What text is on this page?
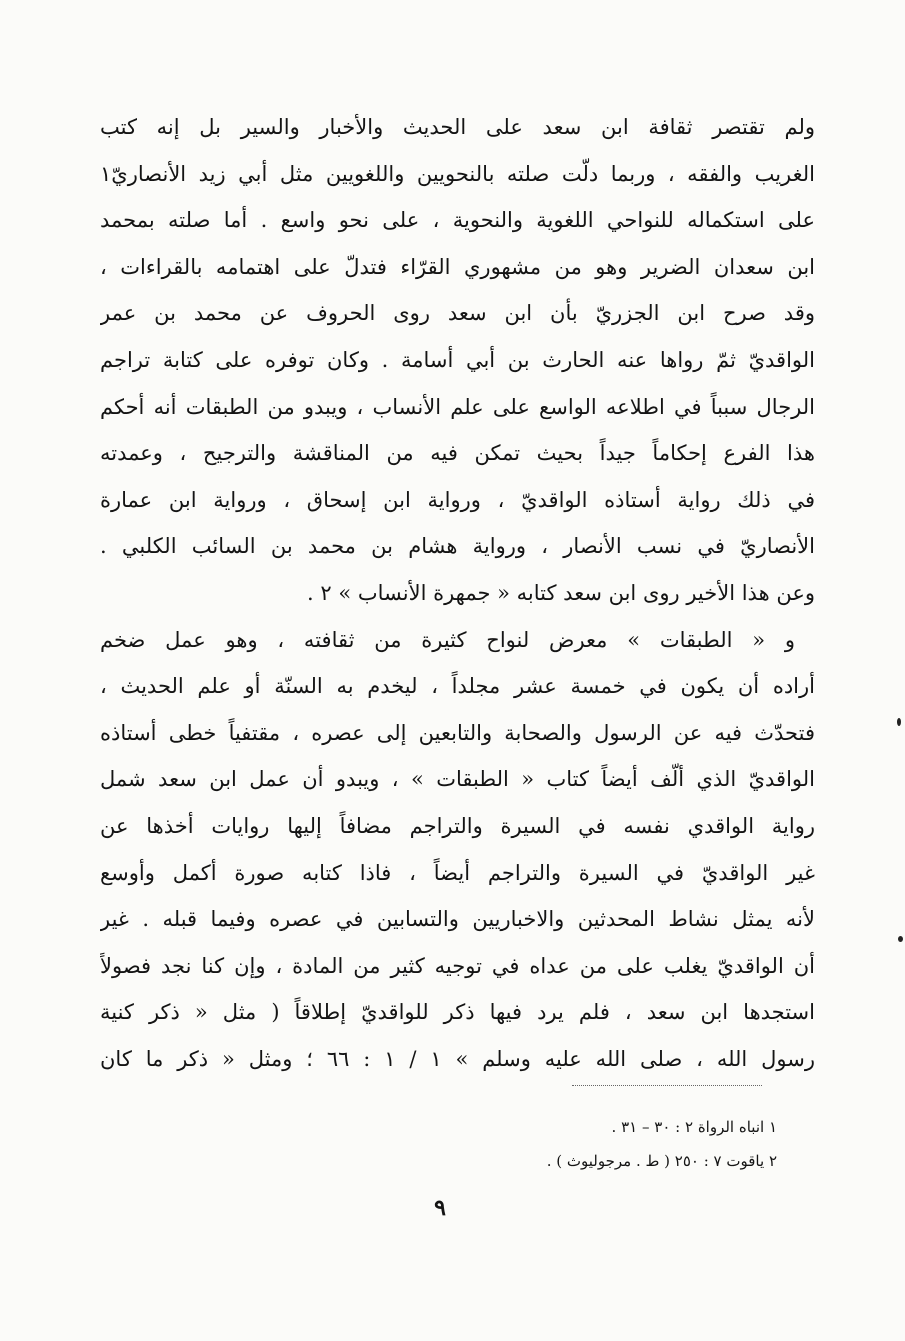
ولم تقتصر ثقافة ابن سعد على الحديث والأخبار والسير بل إنه كتب
الغريب والفقه ، وربما دلّت صلته بالنحويين واللغويين مثل أبي زيد الأنصاريّ١
على استكماله للنواحي اللغوية والنحوية ، على نحو واسع . أما صلته بمحمد
ابن سعدان الضرير وهو من مشهوري القرّاء فتدلّ على اهتمامه بالقراءات ،
وقد صرح ابن الجزريّ بأن ابن سعد روى الحروف عن محمد بن عمر
الواقديّ ثمّ رواها عنه الحارث بن أبي أسامة . وكان توفره على كتابة تراجم
الرجال سبباً في اطلاعه الواسع على علم الأنساب ، ويبدو من الطبقات أنه أحكم
هذا الفرع إحكاماً جيداً بحيث تمكن فيه من المناقشة والترجيح ، وعمدته
في ذلك رواية أستاذه الواقديّ ، ورواية ابن إسحاق ، ورواية ابن عمارة
الأنصاريّ في نسب الأنصار ، ورواية هشام بن محمد بن السائب الكلبي .
وعن هذا الأخير روى ابن سعد كتابه « جمهرة الأنساب » ٢ .
و « الطبقات » معرض لنواح كثيرة من ثقافته ، وهو عمل ضخم
أراده أن يكون في خمسة عشر مجلداً ، ليخدم به السنّة أو علم الحديث ،
فتحدّث فيه عن الرسول والصحابة والتابعين إلى عصره ، مقتفياً خطى أستاذه
الواقديّ الذي ألّف أيضاً كتاب « الطبقات » ، ويبدو أن عمل ابن سعد شمل
رواية الواقدي نفسه في السيرة والتراجم مضافاً إليها روايات أخذها عن
غير الواقديّ في السيرة والتراجم أيضاً ، فاذا كتابه صورة أكمل وأوسع
لأنه يمثل نشاط المحدثين والاخباريين والتسابين في عصره وفيما قبله . غير
أن الواقديّ يغلب على من عداه في توجيه كثير من المادة ، وإن كنا نجد فصولاً
استجدها ابن سعد ، فلم يرد فيها ذكر للواقديّ إطلاقاً ( مثل « ذكر كنية
رسول الله ، صلى الله عليه وسلم » ١ / ١ : ٦٦ ؛ ومثل « ذكر ما كان
١ انباه الرواة ٢ : ٣٠ – ٣١ .
٢ ياقوت ٧ : ٢٥٠ ( ط . مرجوليوث ) .
٩
